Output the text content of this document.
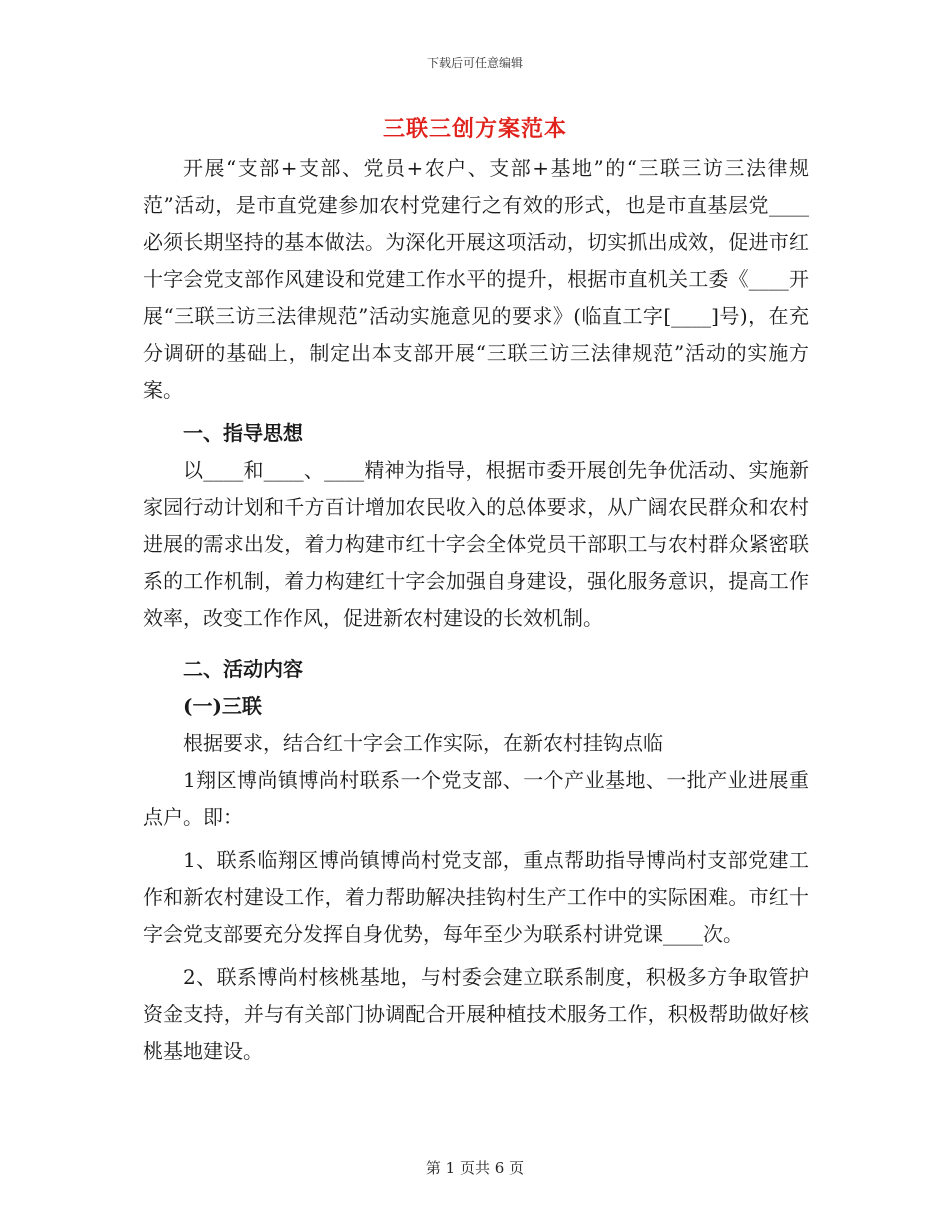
下载后可任意编辑
三联三创方案范本

开展“支部+支部、党员+农户、支部+基地”的“三联三访三法律规范”活动，是市直党建参加农村党建行之有效的形式，也是市直基层党____必须长期坚持的基本做法。为深化开展这项活动，切实抓出成效，促进市红十字会党支部作风建设和党建工作水平的提升，根据市直机关工委《____开展“三联三访三法律规范”活动实施意见的要求》(临直工字[____]号)，在充分调研的基础上，制定出本支部开展“三联三访三法律规范”活动的实施方案。

一、指导思想

以____和____、____精神为指导，根据市委开展创先争优活动、实施新家园行动计划和千方百计增加农民收入的总体要求，从广阔农民群众和农村进展的需求出发，着力构建市红十字会全体党员干部职工与农村群众紧密联系的工作机制，着力构建红十字会加强自身建设，强化服务意识，提高工作效率，改变工作作风，促进新农村建设的长效机制。

二、活动内容

(一)三联

根据要求，结合红十字会工作实际，在新农村挂钩点临

1翔区博尚镇博尚村联系一个党支部、一个产业基地、一批产业进展重点户。即：

1、联系临翔区博尚镇博尚村党支部，重点帮助指导博尚村支部党建工作和新农村建设工作，着力帮助解决挂钩村生产工作中的实际困难。市红十字会党支部要充分发挥自身优势，每年至少为联系村讲党课____次。

2、联系博尚村核桃基地，与村委会建立联系制度，积极多方争取管护资金支持，并与有关部门协调配合开展种植技术服务工作，积极帮助做好核桃基地建设。

第 1 页共 6 页
